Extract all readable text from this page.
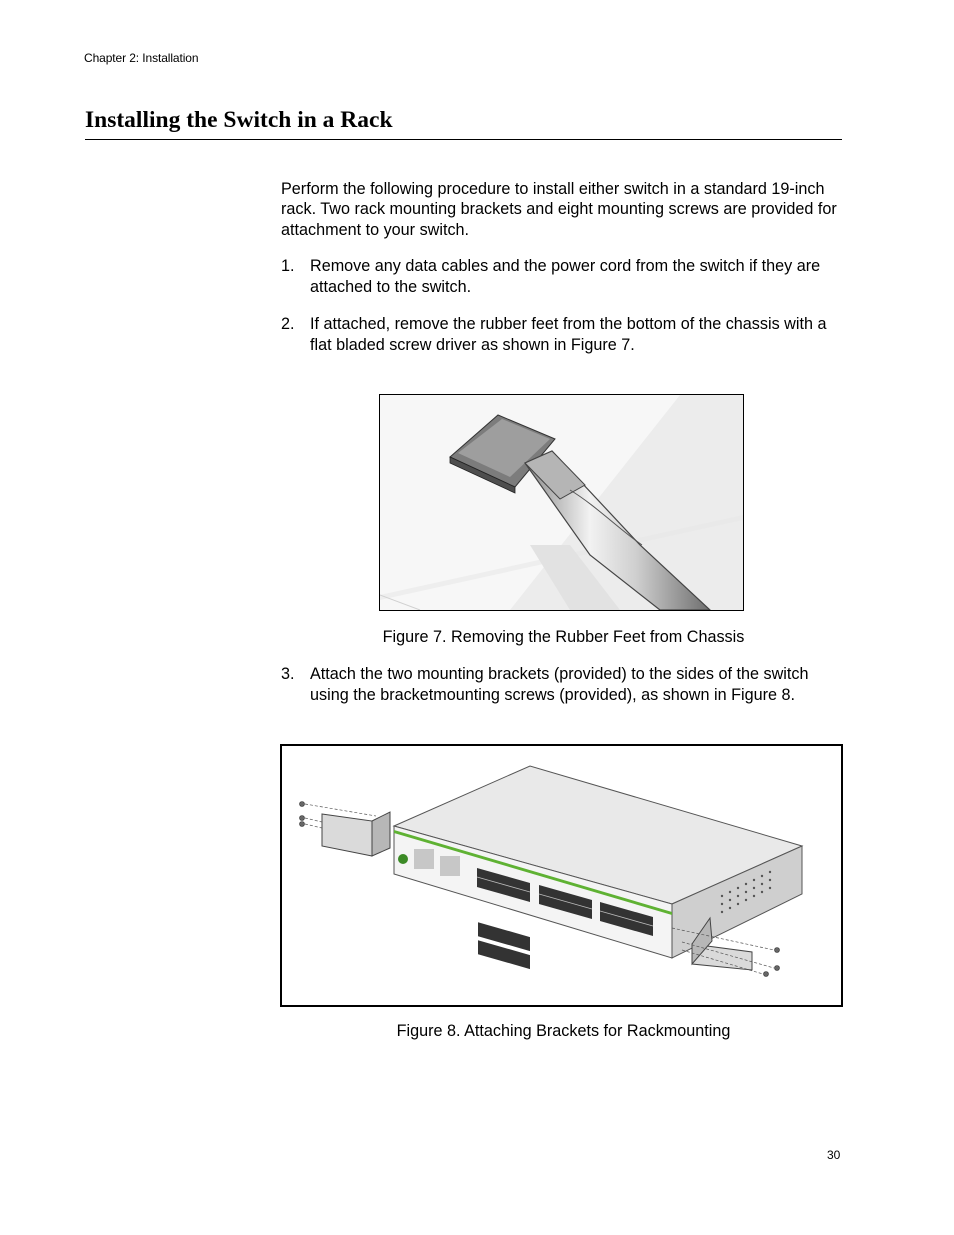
Chapter 2: Installation
Installing the Switch in a Rack
Perform the following procedure to install either switch in a standard 19-inch rack. Two rack mounting brackets and eight mounting screws are provided for attachment to your switch.
1. Remove any data cables and the power cord from the switch if they are attached to the switch.
2. If attached, remove the rubber feet from the bottom of the chassis with a flat bladed screw driver as shown in Figure 7.
Figure 7. Removing the Rubber Feet from Chassis
3. Attach the two mounting brackets (provided) to the sides of the switch using the bracketmounting screws (provided), as shown in Figure 8.
Figure 8. Attaching Brackets for Rackmounting
30
